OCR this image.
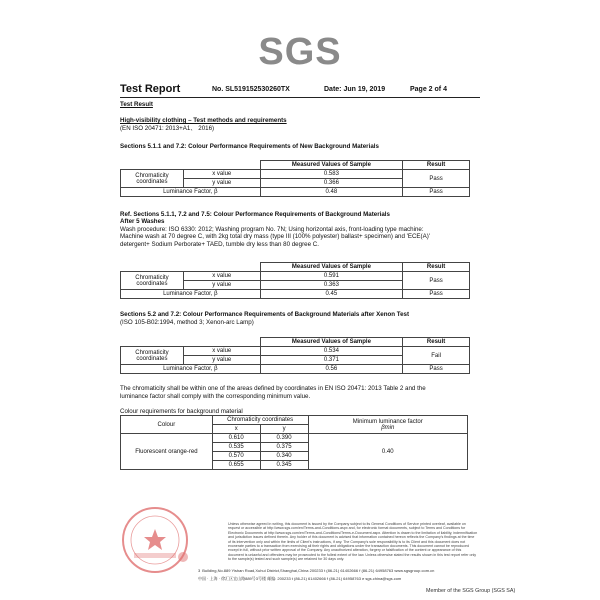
SGS
Test Report	No. SL519152530260TX	Date: Jun 19, 2019	Page 2 of 4
Test Result
High-visibility clothing – Test methods and requirements
(EN ISO 20471: 2013+A1、 2016)
Sections 5.1.1 and 7.2: Colour Performance Requirements of New Background Materials
		Measured Values of Sample	Result
Chromaticity
coordinates	x value	0.583	Pass
	y value	0.366	
Luminance Factor, β		0.48	Pass
Ref. Sections 5.1.1, 7.2 and 7.5: Colour Performance Requirements of Background Materials
After 5 Washes
Wash procedure: ISO 6330: 2012; Washing program No. 7N; Using horizontal axis, front-loading type machine:
Machine wash at 70 degree C, with 2kg total dry mass (type III (100% polyester) ballast+ specimen) and 'ECE(A)'
detergent+ Sodium Perborate+ TAED, tumble dry less than 80 degree C.
		Measured Values of Sample	Result
Chromaticity
coordinates	x value	0.591	Pass
	y value	0.363	
Luminance Factor, β		0.45	Pass
Sections 5.2 and 7.2: Colour Performance Requirements of Background Materials after Xenon Test
(ISO 105-B02:1994, method 3; Xenon-arc Lamp)
		Measured Values of Sample	Result
Chromaticity
coordinates	x value	0.534	Fail
	y value	0.371	
Luminance Factor, β		0.56	Pass
The chromaticity shall be within one of the areas defined by coordinates in EN ISO 20471: 2013 Table 2 and the
luminance factor shall comply with the corresponding minimum value.
Colour requirements for background material
Colour	Chromaticity coordinates		Minimum luminance factor
βmin
	x	y	
Fluorescent orange-red	0.610	0.390	0.40
	0.535	0.375	
	0.570	0.340	
	0.655	0.345	
Unless otherwise agreed in writing, this document is issued by the Company subject to its General Conditions of Service printed overleaf, available on request or accessible at http://www.sgs.com/en/Terms-and-Conditions.aspx and, for electronic format documents, subject to Terms and Conditions for Electronic Documents at http://www.sgs.com/en/Terms-and-Conditions/Terms-e-Document.aspx. Attention is drawn to the limitation of liability, indemnification and jurisdiction issues defined therein. Any holder of this document is advised that information contained hereon reflects the Company's findings at the time of its intervention only and within the limits of Client's instructions, if any. The Company's sole responsibility is to its Client and this document does not exonerate parties to a transaction from exercising all their rights and obligations under the transaction documents. This document cannot be reproduced except in full, without prior written approval of the Company. Any unauthorized alteration, forgery or falsification of the content or appearance of this document is unlawful and offenders may be prosecuted to the fullest extent of the law. Unless otherwise stated the results shown in this test report refer only to the sample(s) tested and such sample(s) are retained for 30 days only.
3 Building,No.889 Yishan Road,Xuhui District,Shanghai,China 200233 t (86-21) 61402666 f (86-21) 64958763 www.sgsgroup.com.cn
中国 · 上海 · 徐汇区宜山路889号3号楼 邮编: 200233 t (86-21) 61402666 f (86-21) 64958763 e sgs.china@sgs.com
Member of the SGS Group (SGS SA)
